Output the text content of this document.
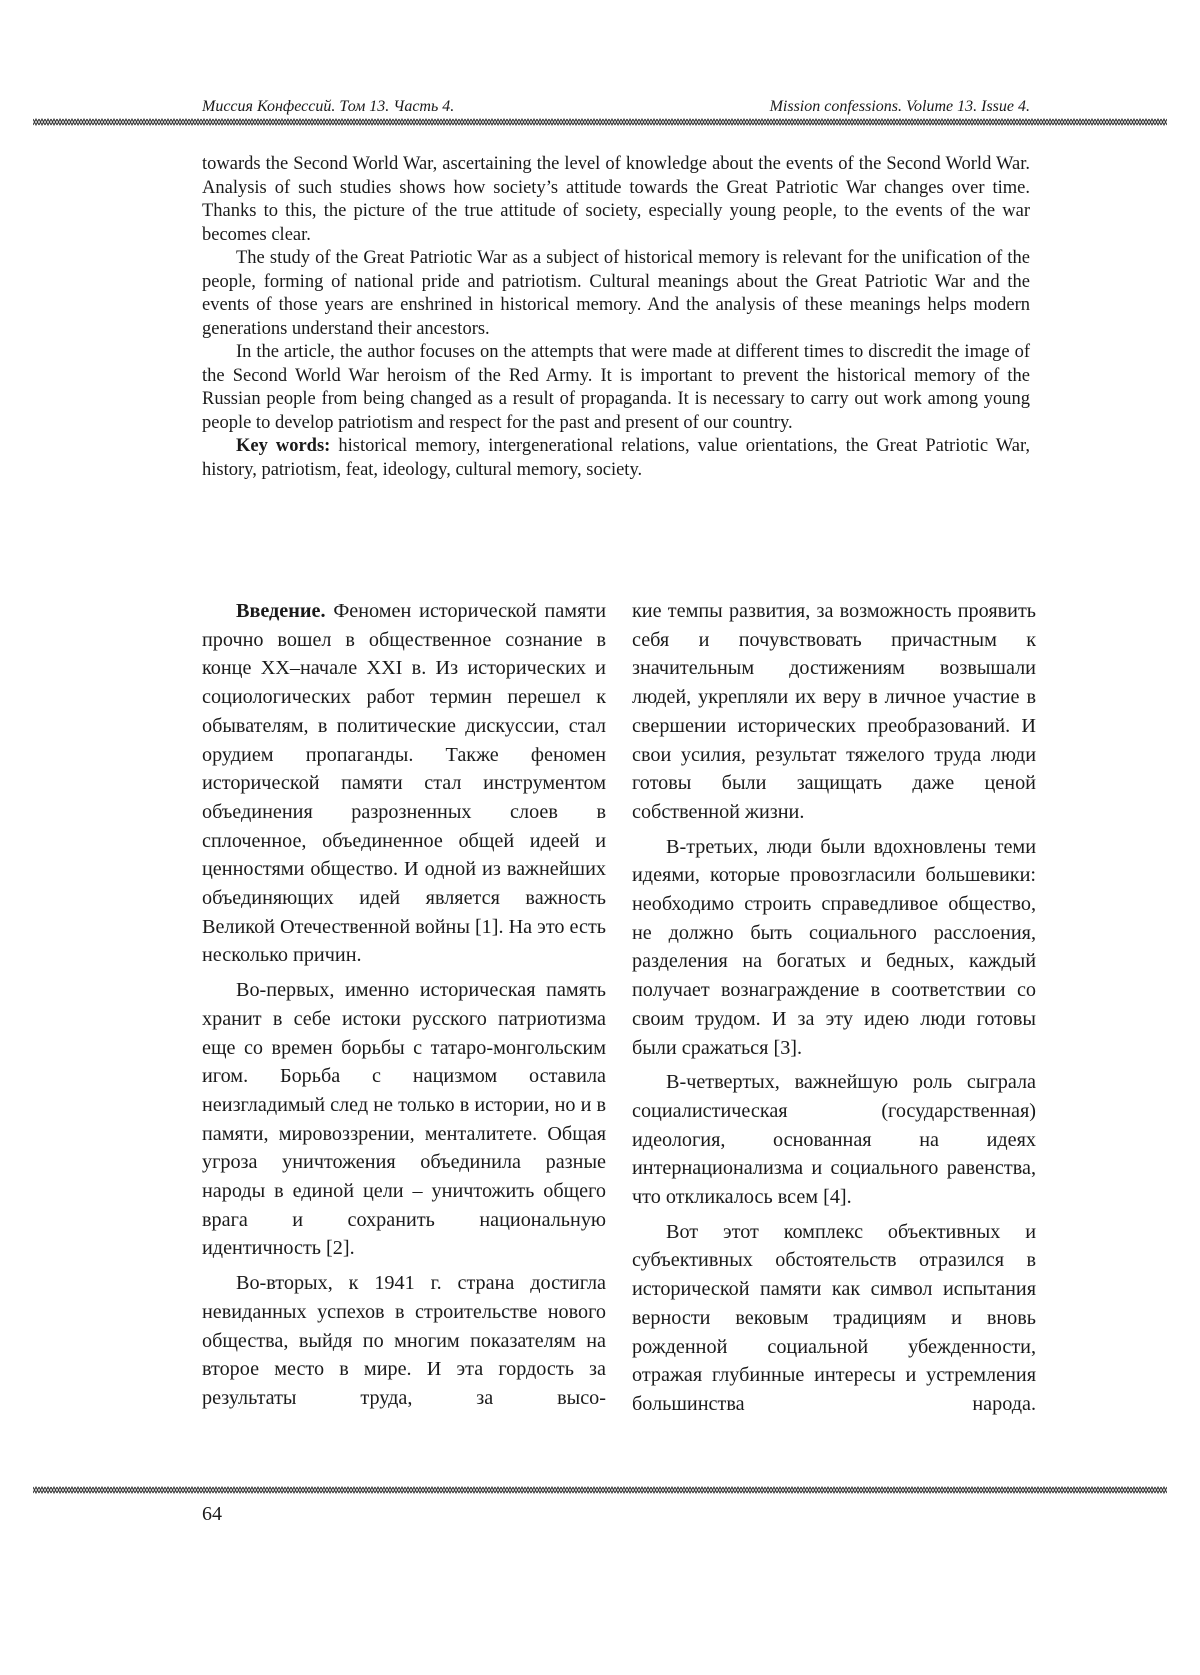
Миссия Конфессий. Том 13. Часть 4.	Mission confessions. Volume 13. Issue 4.

towards the Second World War, ascertaining the level of knowledge about the events of the Second World War. Analysis of such studies shows how society’s attitude towards the Great Patriotic War changes over time. Thanks to this, the picture of the true attitude of society, especially young people, to the events of the war becomes clear.

The study of the Great Patriotic War as a subject of historical memory is relevant for the unification of the people, forming of national pride and patriotism. Cultural meanings about the Great Patriotic War and the events of those years are enshrined in historical memory. And the analysis of these meanings helps modern generations understand their ancestors.

In the article, the author focuses on the attempts that were made at different times to discredit the image of the Second World War heroism of the Red Army. It is important to prevent the historical memory of the Russian people from being changed as a result of propaganda. It is necessary to carry out work among young people to develop patriotism and respect for the past and present of our country.

Key words: historical memory, intergenerational relations, value orientations, the Great Patriotic War, history, patriotism, feat, ideology, cultural memory, society.

Введение. Феномен исторической памяти прочно вошел в общественное сознание в конце XX–начале XXI в. Из исторических и социологических работ термин перешел к обывателям, в политические дискуссии, стал орудием пропаганды. Также феномен исторической памяти стал инструментом объединения разрозненных слоев в сплоченное, объединенное общей идеей и ценностями общество. И одной из важнейших объединяющих идей является важность Великой Отечественной войны [1]. На это есть несколько причин.

Во-первых, именно историческая память хранит в себе истоки русского патриотизма еще со времен борьбы с татаро-монгольским игом. Борьба с нацизмом оставила неизгладимый след не только в истории, но и в памяти, мировоззрении, менталитете. Общая угроза уничтожения объединила разные народы в единой цели – уничтожить общего врага и сохранить национальную идентичность [2].

Во-вторых, к 1941 г. страна достигла невиданных успехов в строительстве нового общества, выйдя по многим показателям на второе место в мире. И эта гордость за результаты труда, за высо-

кие темпы развития, за возможность проявить себя и почувствовать причастным к значительным достижениям возвышали людей, укрепляли их веру в личное участие в свершении исторических преобразований. И свои усилия, результат тяжелого труда люди готовы были защищать даже ценой собственной жизни.

В-третьих, люди были вдохновлены теми идеями, которые провозгласили большевики: необходимо строить справедливое общество, не должно быть социального расслоения, разделения на богатых и бедных, каждый получает вознаграждение в соответствии со своим трудом. И за эту идею люди готовы были сражаться [3].

В-четвертых, важнейшую роль сыграла социалистическая (государственная) идеология, основанная на идеях интернационализма и социального равенства, что откликалось всем [4].

Вот этот комплекс объективных и субъективных обстоятельств отразился в исторической памяти как символ испытания верности вековым традициям и вновь рожденной социальной убежденности, отражая глубинные интересы и устремления большинства народа.

64
